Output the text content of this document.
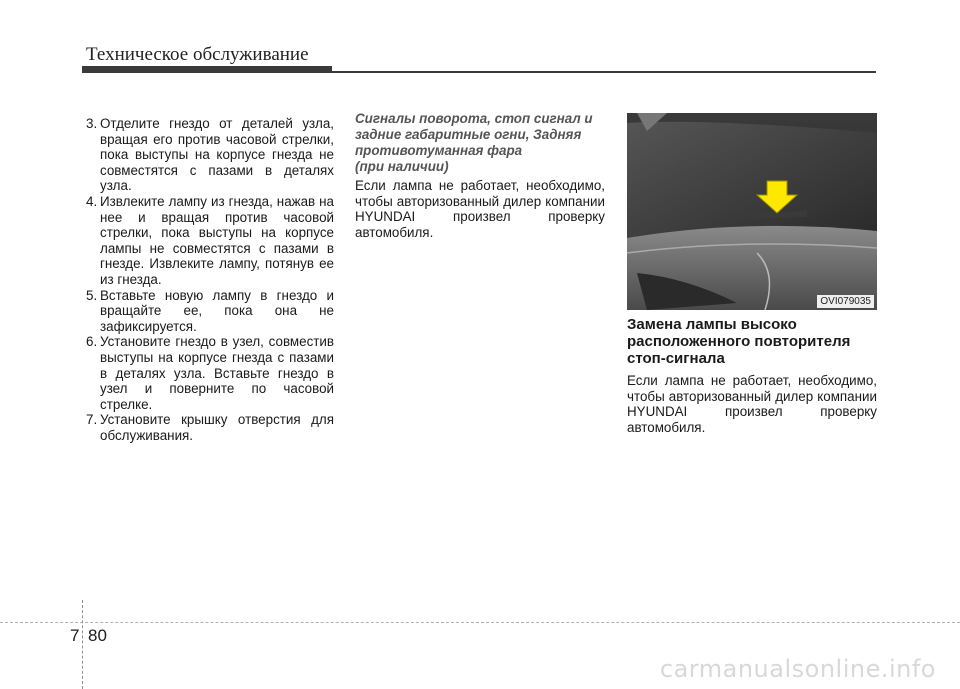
Техническое обслуживание
3. Отделите гнездо от деталей узла, вращая его против часовой стрелки, пока выступы на корпусе гнезда не совместятся с пазами в деталях узла.
4. Извлеките лампу из гнезда, нажав на нее и вращая против часовой стрелки, пока выступы на корпусе лампы не совместятся с пазами в гнезде. Извлеките лампу, потянув ее из гнезда.
5. Вставьте новую лампу в гнездо и вращайте ее, пока она не зафиксируется.
6. Установите гнездо в узел, совместив выступы на корпусе гнезда с пазами в деталях узла. Вставьте гнездо в узел и поверните по часовой стрелке.
7. Установите крышку отверстия для обслуживания.
Сигналы поворота, стоп сигнал и задние габаритные огни, Задняя противотуманная фара
(при наличии)

Если лампа не работает, необходимо, чтобы авторизованный дилер компании HYUNDAI произвел проверку автомобиля.

OVI079035
Замена лампы высоко расположенного повторителя стоп-сигнала

Если лампа не работает, необходимо, чтобы авторизованный дилер компании HYUNDAI произвел проверку автомобиля.

7 80
carmanualsonline.info
